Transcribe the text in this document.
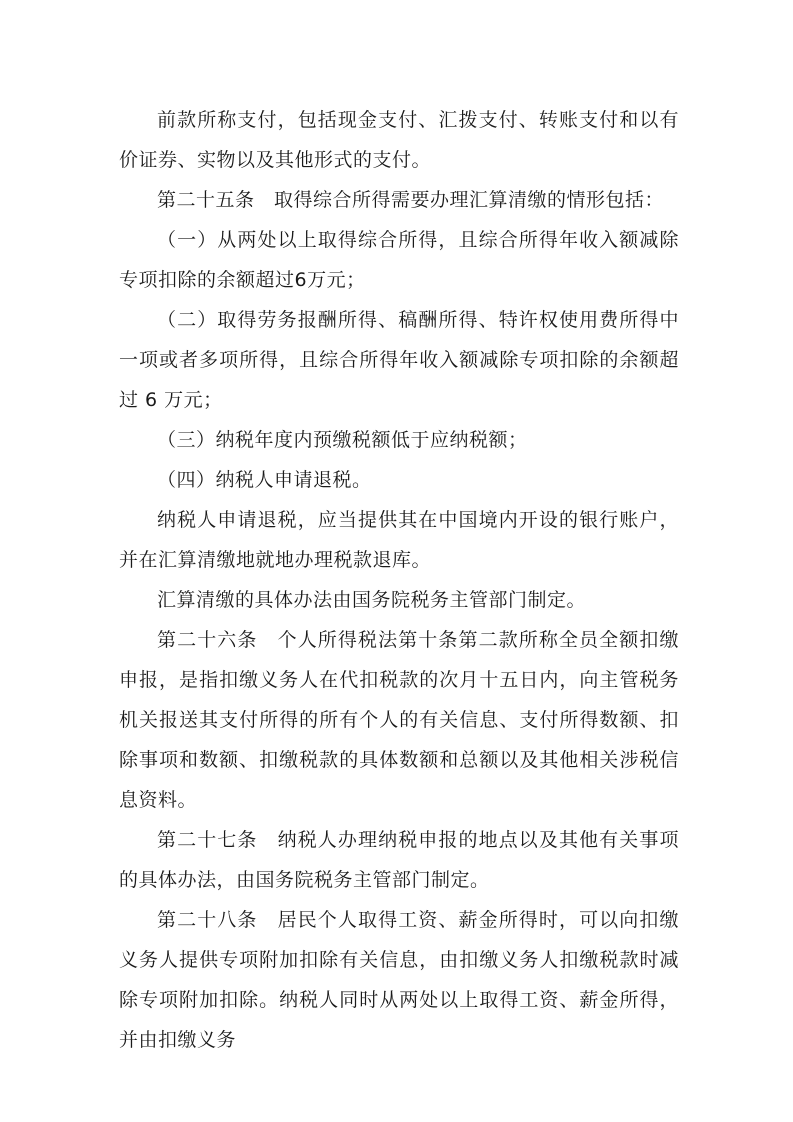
前款所称支付，包括现金支付、汇拨支付、转账支付和以有价证券、实物以及其他形式的支付。

第二十五条　取得综合所得需要办理汇算清缴的情形包括：

（一）从两处以上取得综合所得，且综合所得年收入额减除专项扣除的余额超过6万元；

（二）取得劳务报酬所得、稿酬所得、特许权使用费所得中一项或者多项所得，且综合所得年收入额减除专项扣除的余额超过 6 万元；

（三）纳税年度内预缴税额低于应纳税额；

（四）纳税人申请退税。

纳税人申请退税，应当提供其在中国境内开设的银行账户，并在汇算清缴地就地办理税款退库。

汇算清缴的具体办法由国务院税务主管部门制定。

第二十六条　个人所得税法第十条第二款所称全员全额扣缴申报，是指扣缴义务人在代扣税款的次月十五日内，向主管税务机关报送其支付所得的所有个人的有关信息、支付所得数额、扣除事项和数额、扣缴税款的具体数额和总额以及其他相关涉税信息资料。

第二十七条　纳税人办理纳税申报的地点以及其他有关事项的具体办法，由国务院税务主管部门制定。

第二十八条　居民个人取得工资、薪金所得时，可以向扣缴义务人提供专项附加扣除有关信息，由扣缴义务人扣缴税款时减除专项附加扣除。纳税人同时从两处以上取得工资、薪金所得，并由扣缴义务
